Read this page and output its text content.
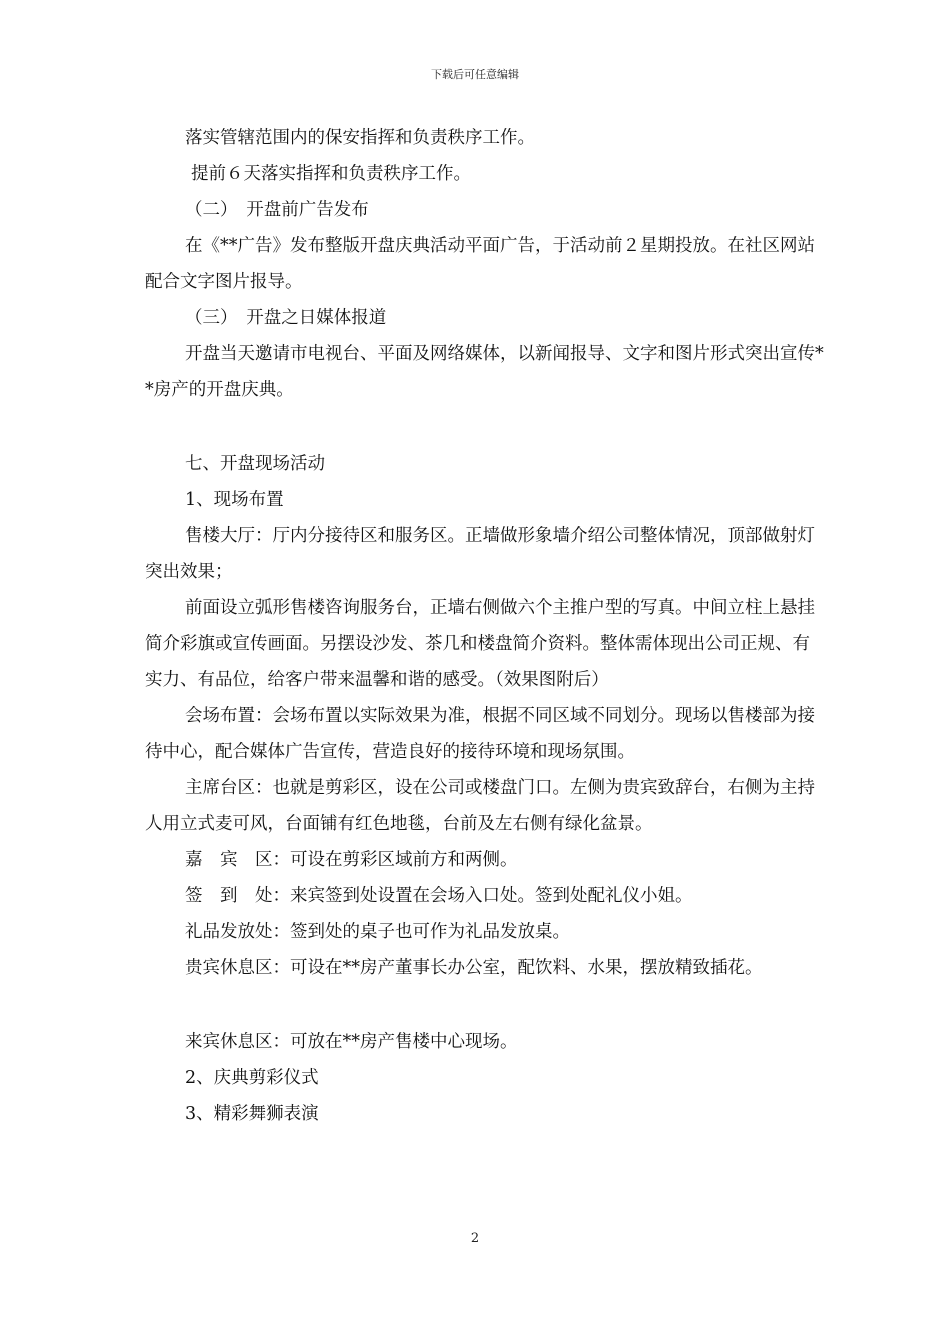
下载后可任意编辑

落实管辖范围内的保安指挥和负责秩序工作。

提前６天落实指挥和负责秩序工作。

（二）　开盘前广告发布

在《**广告》发布整版开盘庆典活动平面广告，于活动前２星期投放。在社区网站配合文字图片报导。

（三）　开盘之日媒体报道

开盘当天邀请市电视台、平面及网络媒体，以新闻报导、文字和图片形式突出宣传**房产的开盘庆典。

七、开盘现场活动

1、现场布置

售楼大厅：厅内分接待区和服务区。正墙做形象墙介绍公司整体情况，顶部做射灯突出效果；

前面设立弧形售楼咨询服务台，正墙右侧做六个主推户型的写真。中间立柱上悬挂简介彩旗或宣传画面。另摆设沙发、茶几和楼盘简介资料。整体需体现出公司正规、有实力、有品位，给客户带来温馨和谐的感受。（效果图附后）

会场布置：会场布置以实际效果为准，根据不同区域不同划分。现场以售楼部为接待中心，配合媒体广告宣传，营造良好的接待环境和现场氛围。

主席台区：也就是剪彩区，设在公司或楼盘门口。左侧为贵宾致辞台，右侧为主持人用立式麦可风，台面铺有红色地毯，台前及左右侧有绿化盆景。

嘉　宾　区：可设在剪彩区域前方和两侧。

签　到　处：来宾签到处设置在会场入口处。签到处配礼仪小姐。

礼品发放处：签到处的桌子也可作为礼品发放桌。

贵宾休息区：可设在**房产董事长办公室，配饮料、水果，摆放精致插花。

来宾休息区：可放在**房产售楼中心现场。

2、庆典剪彩仪式

3、精彩舞狮表演

2
